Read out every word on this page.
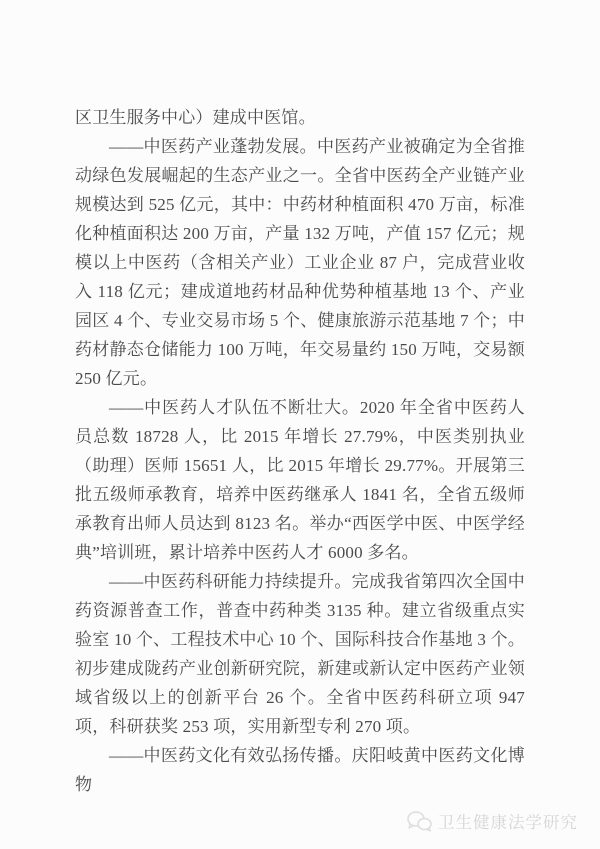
区卫生服务中心）建成中医馆。

——中医药产业蓬勃发展。中医药产业被确定为全省推动绿色发展崛起的生态产业之一。全省中医药全产业链产业规模达到 525 亿元，其中：中药材种植面积 470 万亩，标准化种植面积达 200 万亩，产量 132 万吨，产值 157 亿元；规模以上中医药（含相关产业）工业企业 87 户，完成营业收入 118 亿元；建成道地药材品种优势种植基地 13 个、产业园区 4 个、专业交易市场 5 个、健康旅游示范基地 7 个；中药材静态仓储能力 100 万吨，年交易量约 150 万吨，交易额 250 亿元。

——中医药人才队伍不断壮大。2020 年全省中医药人员总数 18728 人，比 2015 年增长 27.79%，中医类别执业（助理）医师 15651 人，比 2015 年增长 29.77%。开展第三批五级师承教育，培养中医药继承人 1841 名，全省五级师承教育出师人员达到 8123 名。举办“西医学中医、中医学经典”培训班，累计培养中医药人才 6000 多名。

——中医药科研能力持续提升。完成我省第四次全国中药资源普查工作，普查中药种类 3135 种。建立省级重点实验室 10 个、工程技术中心 10 个、国际科技合作基地 3 个。初步建成陇药产业创新研究院，新建或新认定中医药产业领域省级以上的创新平台 26 个。全省中医药科研立项 947 项，科研获奖 253 项，实用新型专利 270 项。

——中医药文化有效弘扬传播。庆阳岐黄中医药文化博物

卫生健康法学研究
